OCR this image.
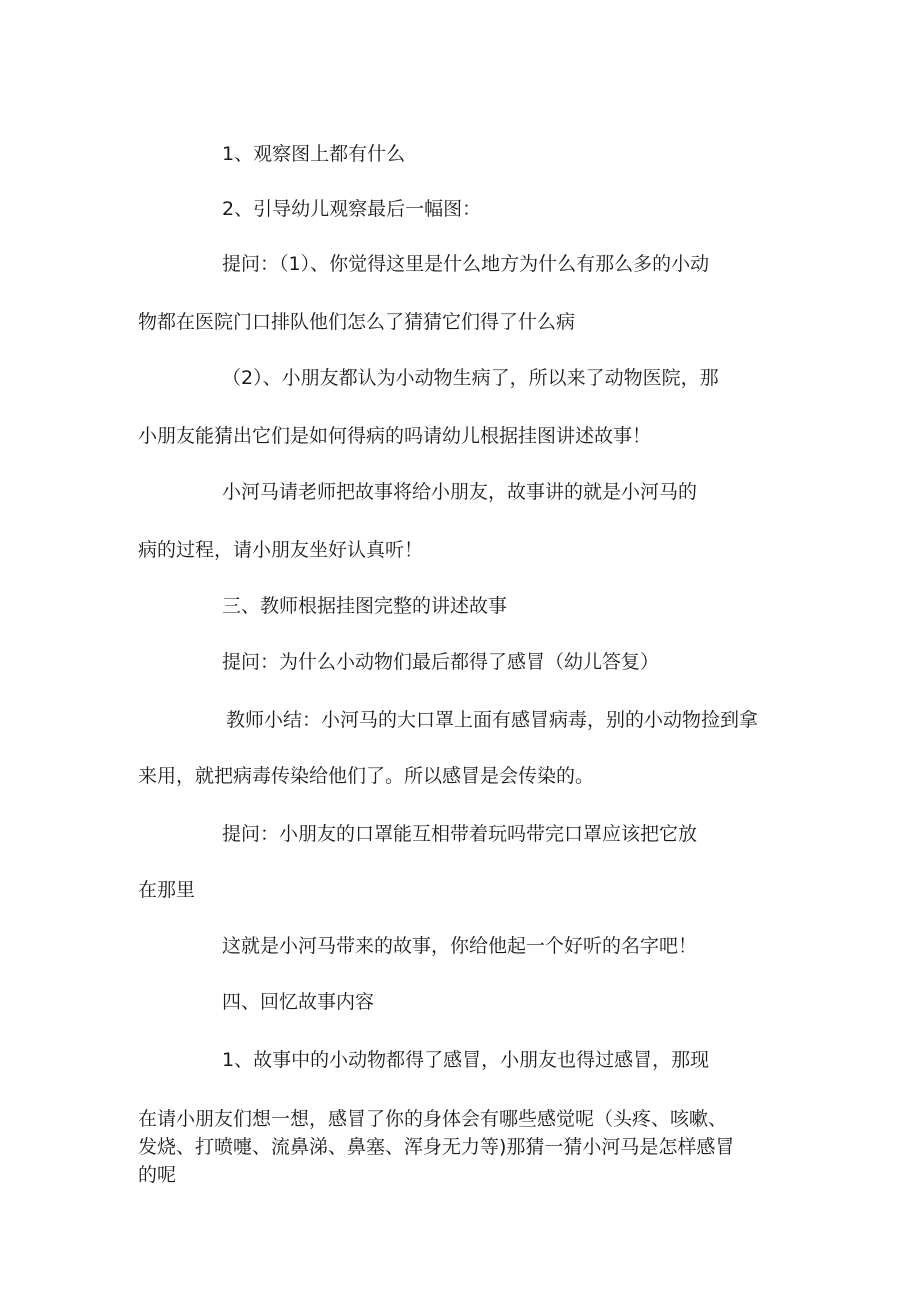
1、观察图上都有什么

2、引导幼儿观察最后一幅图：

提问：（1）、你觉得这里是什么地方为什么有那么多的小动

物都在医院门口排队他们怎么了猜猜它们得了什么病

（2）、小朋友都认为小动物生病了，所以来了动物医院，那

小朋友能猜出它们是如何得病的吗请幼儿根据挂图讲述故事！

小河马请老师把故事将给小朋友，故事讲的就是小河马的

病的过程，请小朋友坐好认真听！

三、教师根据挂图完整的讲述故事

提问：为什么小动物们最后都得了感冒（幼儿答复）

教师小结：小河马的大口罩上面有感冒病毒，别的小动物捡到拿

来用，就把病毒传染给他们了。所以感冒是会传染的。

提问：小朋友的口罩能互相带着玩吗带完口罩应该把它放

在那里

这就是小河马带来的故事，你给他起一个好听的名字吧！

四、回忆故事内容

1、故事中的小动物都得了感冒，小朋友也得过感冒，那现

在请小朋友们想一想，感冒了你的身体会有哪些感觉呢（头疼、咳嗽、

发烧、打喷嚏、流鼻涕、鼻塞、浑身无力等)那猜一猜小河马是怎样感冒

的呢
